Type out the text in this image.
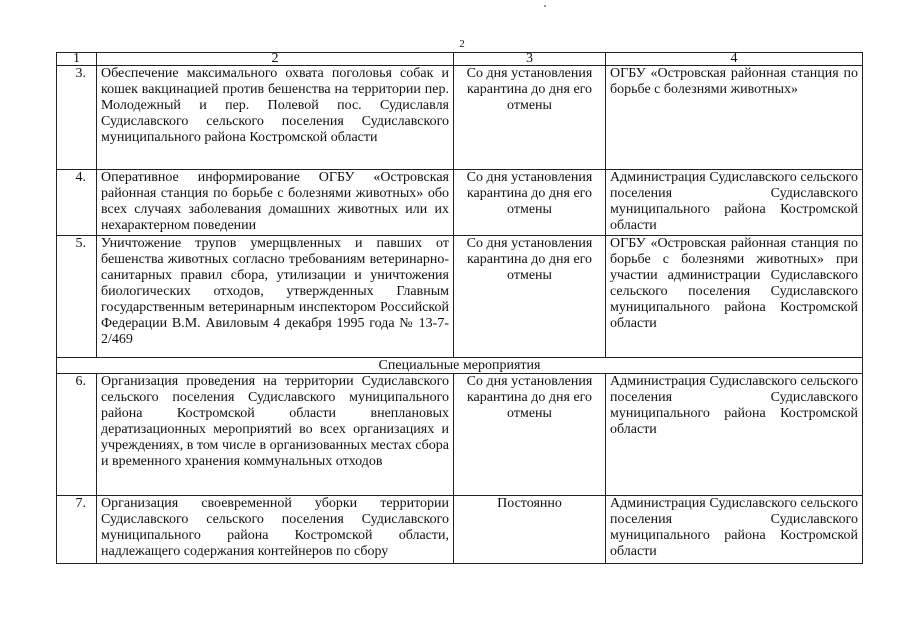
2
1	2	3	4
3.	Обеспечение максимального охвата поголовья собак и кошек вакцинацией против бешенства на территории пер. Молодежный и пер. Полевой пос. Судиславля Судиславского сельского поселения Судиславского муниципального района Костромской области	Со дня установления карантина до дня его отмены	ОГБУ «Островская районная станция по борьбе с болезнями животных»
4.	Оперативное информирование ОГБУ «Островская районная станция по борьбе с болезнями животных» обо всех случаях заболевания домашних животных или их нехарактерном поведении	Со дня установления карантина до дня его отмены	Администрация Судиславского сельского поселения Судиславского муниципального района Костромской области
5.	Уничтожение трупов умерщвленных и павших от бешенства животных согласно требованиям ветеринарно-санитарных правил сбора, утилизации и уничтожения биологических отходов, утвержденных Главным государственным ветеринарным инспектором Российской Федерации В.М. Авиловым 4 декабря 1995 года № 13-7-2/469	Со дня установления карантина до дня его отмены	ОГБУ «Островская районная станция по борьбе с болезнями животных» при участии администрации Судиславского сельского поселения Судиславского муниципального района Костромской области
Специальные мероприятия			
6.	Организация проведения на территории Судиславского сельского поселения Судиславского муниципального района Костромской области внеплановых дератизационных мероприятий во всех организациях и учреждениях, в том числе в организованных местах сбора и временного хранения коммунальных отходов	Со дня установления карантина до дня его отмены	Администрация Судиславского сельского поселения Судиславского муниципального района Костромской области
7.	Организация своевременной уборки территории Судиславского сельского поселения Судиславского муниципального района Костромской области, надлежащего содержания контейнеров по сбору	Постоянно	Администрация Судиславского сельского поселения Судиславского муниципального района Костромской области
